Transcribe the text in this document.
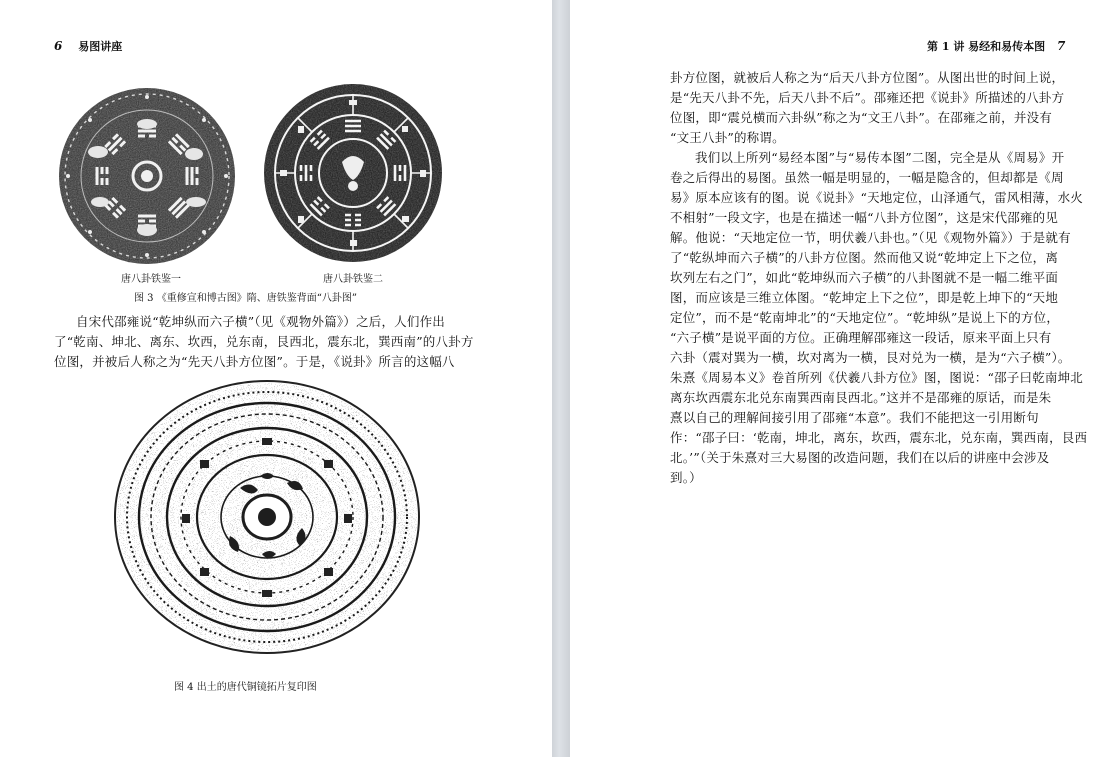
6 易图讲座
唐八卦铁鉴一	唐八卦铁鉴二
图 3 《重修宣和博古图》隋、唐铁鉴背面“八卦图”
自宋代邵雍说“乾坤纵而六子横”（见《观物外篇》）之后，人们作出
了“乾南、坤北、离东、坎西，兑东南，艮西北，震东北，巽西南”的八卦方
位图，并被后人称之为“先天八卦方位图”。于是，《说卦》所言的这幅八
图 4 出土的唐代铜镜拓片复印图
第 1 讲 易经和易传本图 7
卦方位图，就被后人称之为“后天八卦方位图”。从图出世的时间上说，
是“先天八卦不先，后天八卦不后”。邵雍还把《说卦》所描述的八卦方
位图，即“震兑横而六卦纵”称之为“文王八卦”。在邵雍之前，并没有
“文王八卦”的称谓。
我们以上所列“易经本图”与“易传本图”二图，完全是从《周易》开
卷之后得出的易图。虽然一幅是明显的，一幅是隐含的，但却都是《周
易》原本应该有的图。说《说卦》“天地定位，山泽通气，雷风相薄，水火
不相射”一段文字，也是在描述一幅“八卦方位图”，这是宋代邵雍的见
解。他说：“天地定位一节，明伏羲八卦也。”（见《观物外篇》）于是就有
了“乾纵坤而六子横”的八卦方位图。然而他又说“乾坤定上下之位，离
坎列左右之门”，如此“乾坤纵而六子横”的八卦图就不是一幅二维平面
图，而应该是三维立体图。“乾坤定上下之位”，即是乾上坤下的“天地
定位”，而不是“乾南坤北”的“天地定位”。“乾坤纵”是说上下的方位，
“六子横”是说平面的方位。正确理解邵雍这一段话，原来平面上只有
六卦（震对巽为一横，坎对离为一横，艮对兑为一横，是为“六子横”）。
朱熹《周易本义》卷首所列《伏羲八卦方位》图，图说：“邵子曰乾南坤北
离东坎西震东北兑东南巽西南艮西北。”这并不是邵雍的原话，而是朱
熹以自己的理解间接引用了邵雍“本意”。我们不能把这一引用断句
作：“邵子曰：‘乾南，坤北，离东，坎西，震东北，兑东南，巽西南，艮西
北。’”（关于朱熹对三大易图的改造问题，我们在以后的讲座中会涉及
到。）
